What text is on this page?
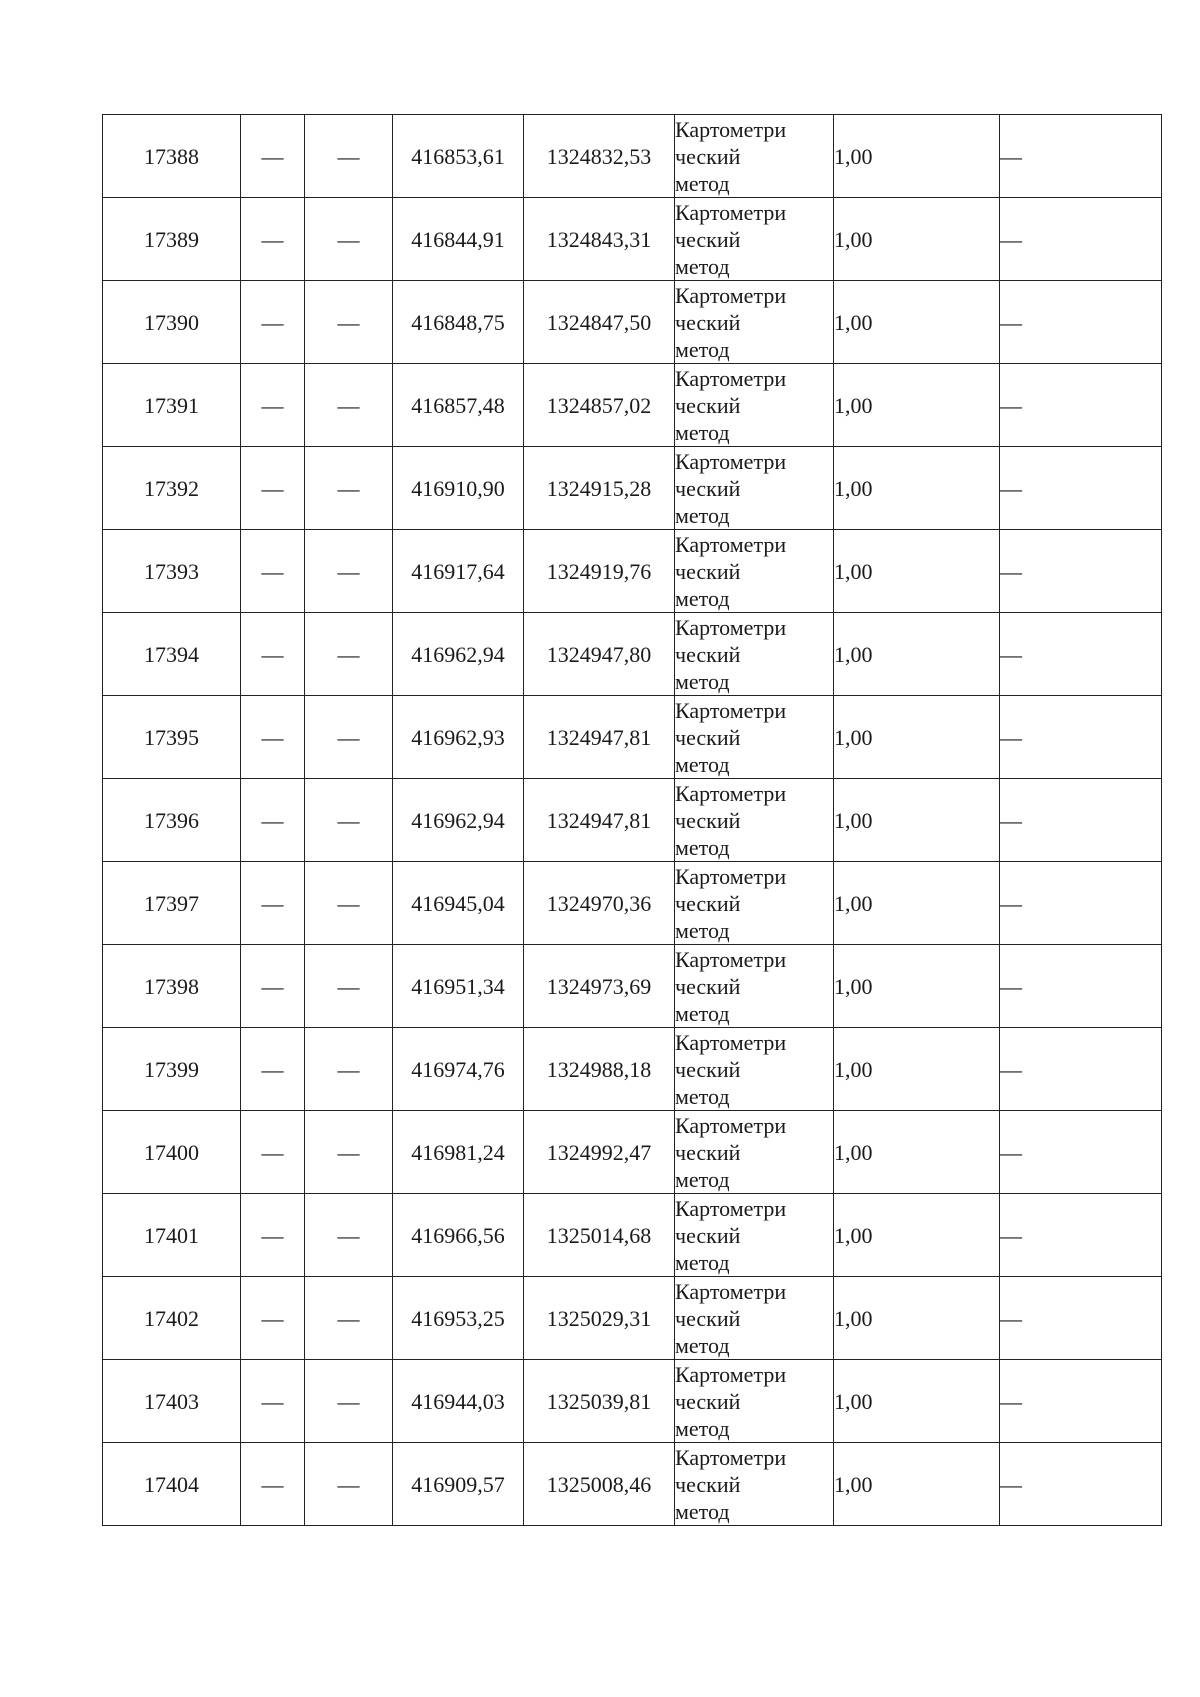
17388	—	—	416853,61	1324832,53	Картометри
ческий
метод	1,00	—
17389	—	—	416844,91	1324843,31	Картометри
ческий
метод	1,00	—
17390	—	—	416848,75	1324847,50	Картометри
ческий
метод	1,00	—
17391	—	—	416857,48	1324857,02	Картометри
ческий
метод	1,00	—
17392	—	—	416910,90	1324915,28	Картометри
ческий
метод	1,00	—
17393	—	—	416917,64	1324919,76	Картометри
ческий
метод	1,00	—
17394	—	—	416962,94	1324947,80	Картометри
ческий
метод	1,00	—
17395	—	—	416962,93	1324947,81	Картометри
ческий
метод	1,00	—
17396	—	—	416962,94	1324947,81	Картометри
ческий
метод	1,00	—
17397	—	—	416945,04	1324970,36	Картометри
ческий
метод	1,00	—
17398	—	—	416951,34	1324973,69	Картометри
ческий
метод	1,00	—
17399	—	—	416974,76	1324988,18	Картометри
ческий
метод	1,00	—
17400	—	—	416981,24	1324992,47	Картометри
ческий
метод	1,00	—
17401	—	—	416966,56	1325014,68	Картометри
ческий
метод	1,00	—
17402	—	—	416953,25	1325029,31	Картометри
ческий
метод	1,00	—
17403	—	—	416944,03	1325039,81	Картометри
ческий
метод	1,00	—
17404	—	—	416909,57	1325008,46	Картометри
ческий
метод	1,00	—
